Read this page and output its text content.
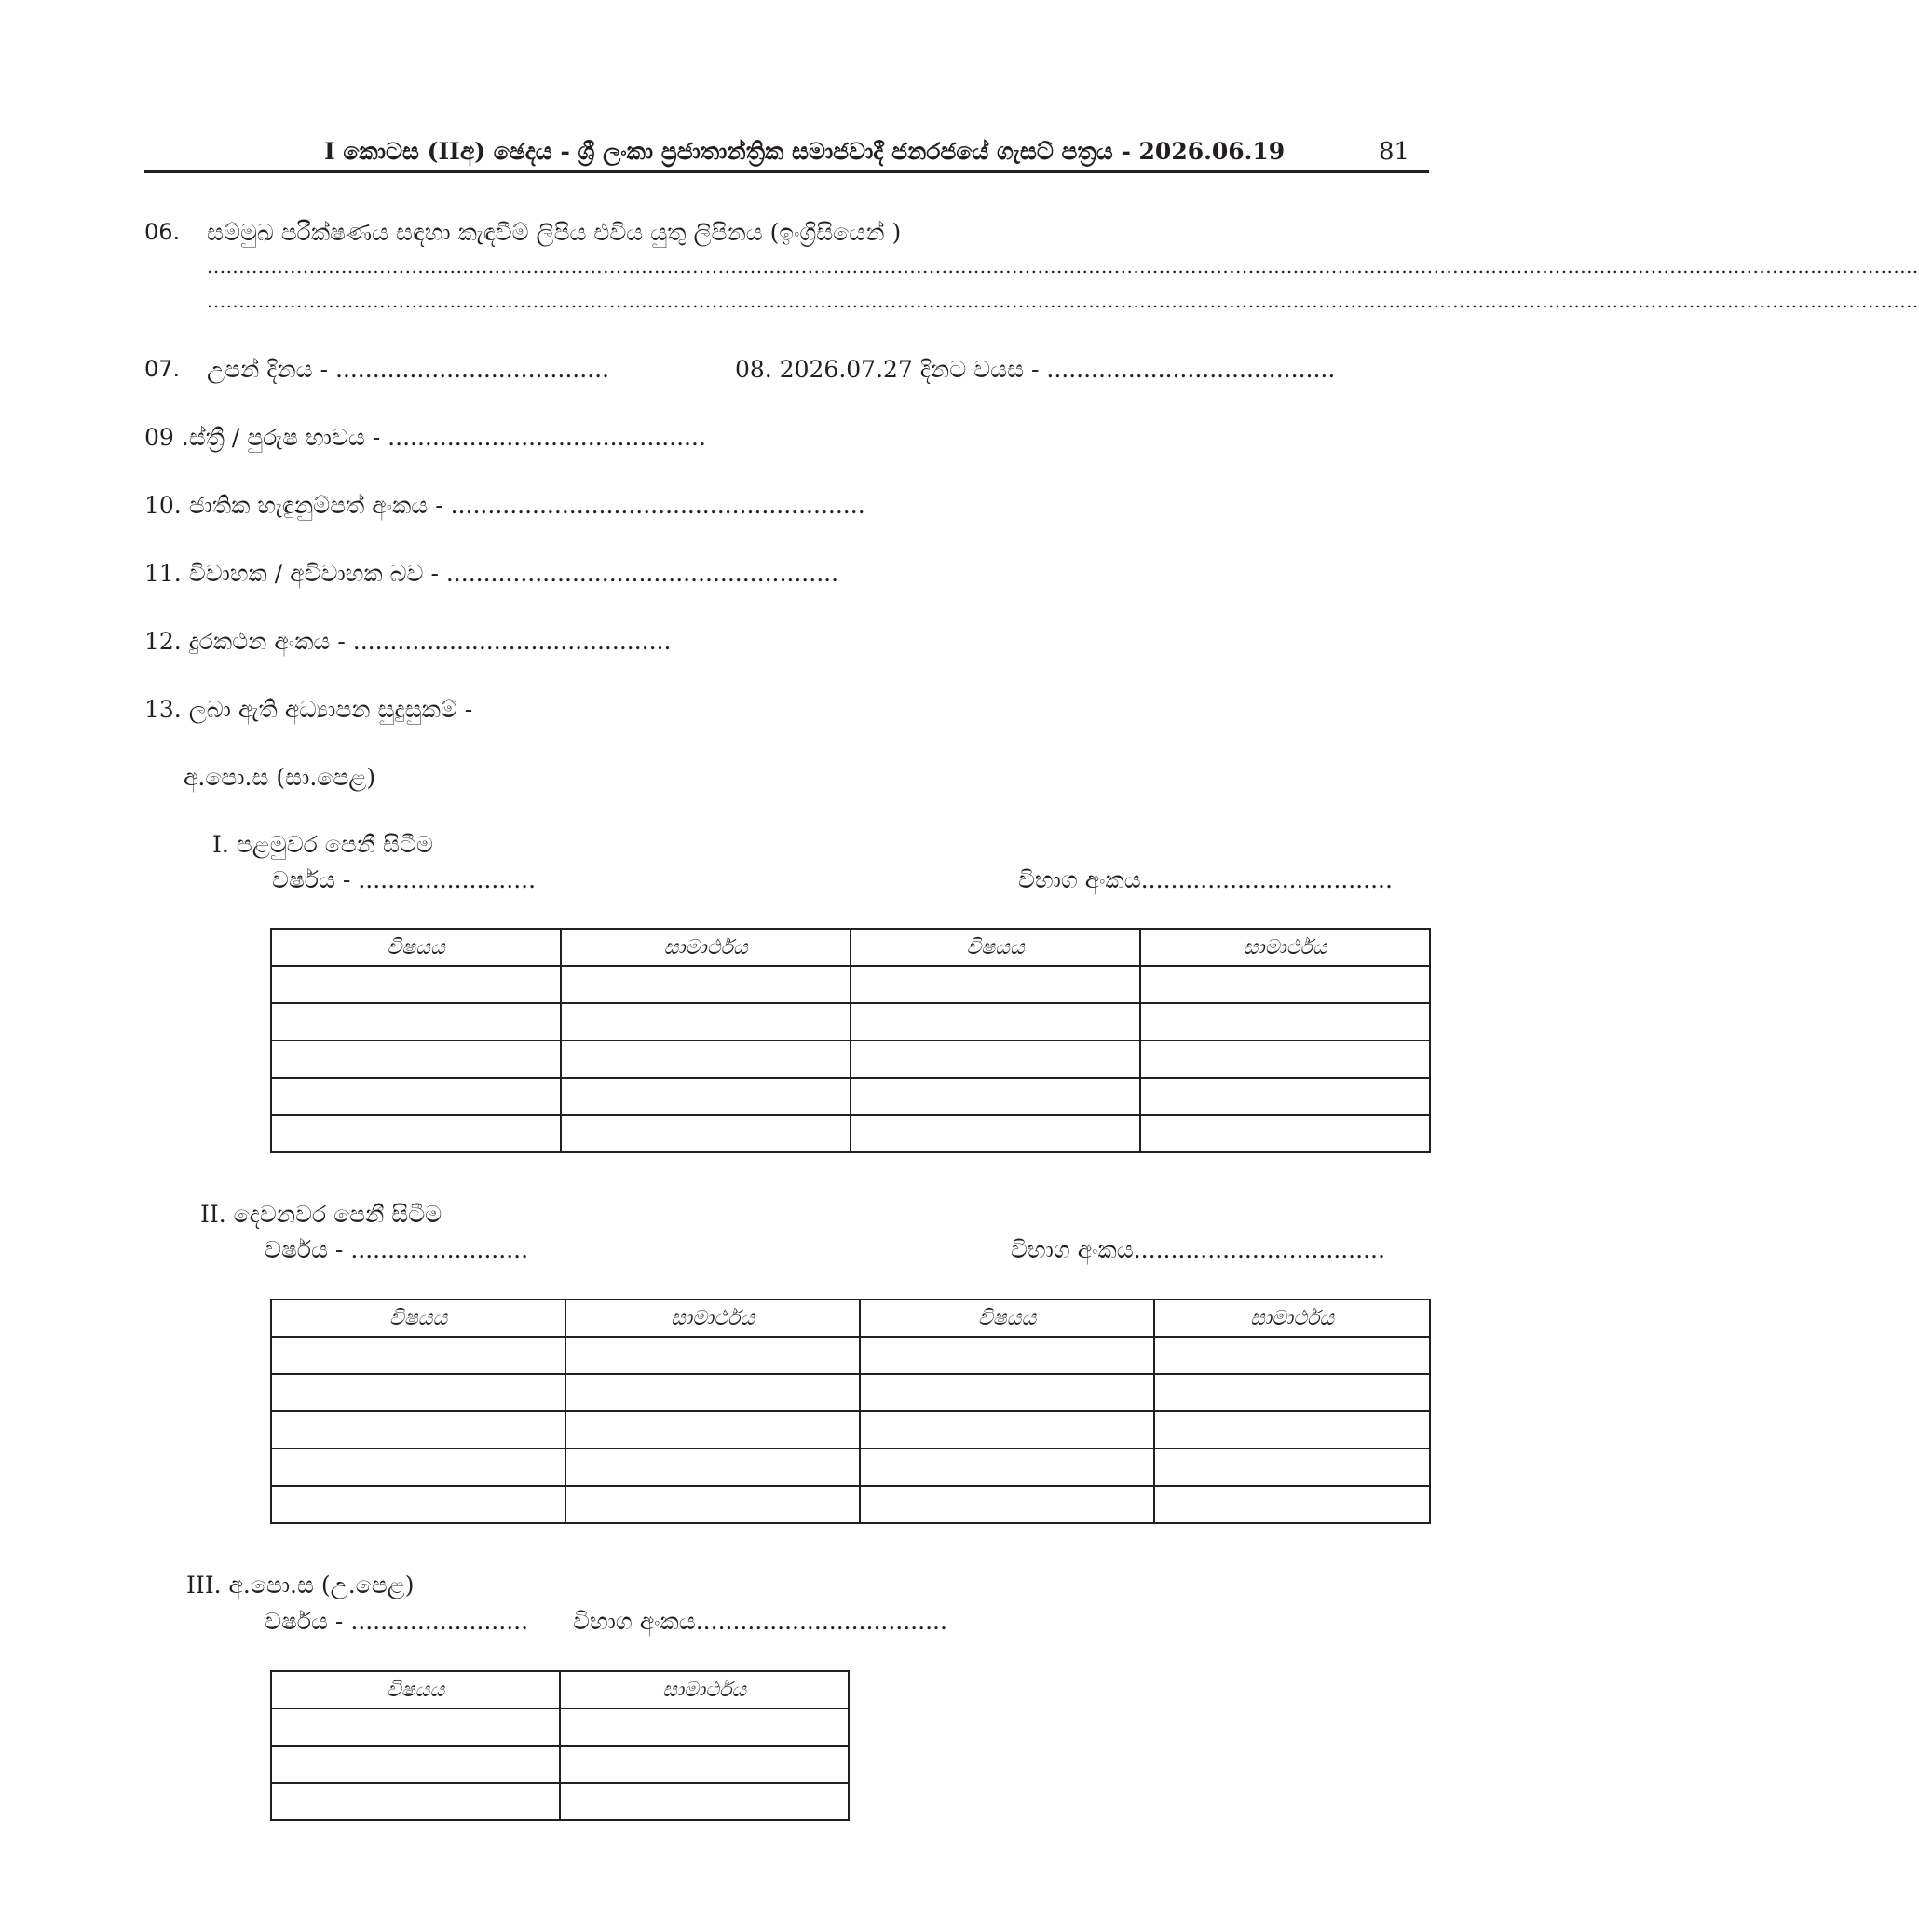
I කොටස (IIඅ) ඡෙදය - ශ්‍රී ලංකා ප්‍රජාතාන්ත්‍රික සමාජවාදී ජනරජයේ ගැසට් පත්‍රය - 2026.06.19	81
06. සම්මුඛ පරීක්ෂණය සඳහා කැඳවීම් ලිපිය එවිය යුතු ලිපිනය (ඉංග්‍රිසියෙන් )
............................................................................................................................................................................................................................................................................
............................................................................................................................................................................................................................................................................
07. උපන් දිනය - .....................................	08. 2026.07.27 දිනට වයස - .......................................
09 .ස්ත්‍රී / පුරුෂ භාවය - ...........................................
10. ජාතික හැඳුනුම්පත් අංකය - ........................................................
11. විවාහක / අවිවාහක බව - .....................................................
12. දුරකථන අංකය - ...........................................
13. ලබා ඇති අධ්‍යාපන සුදුසුකම් -
අ.පො.ස (සා.පෙළ)
I. පළමුවර පෙනී සිටීම
වර්ෂය - ........................	විභාග අංකය..................................
විෂයය	සාමාර්ථය	විෂයය	සාමාර්ථය

II. දෙවනවර පෙනී සිටීම
වර්ෂය - ........................	විභාග අංකය..................................
විෂයය	සාමාර්ථය	විෂයය	සාමාර්ථය

III. අ.පො.ස (උ.පෙළ)
වර්ෂය - ........................ විභාග අංකය..................................
විෂයය	සාමාර්ථය
